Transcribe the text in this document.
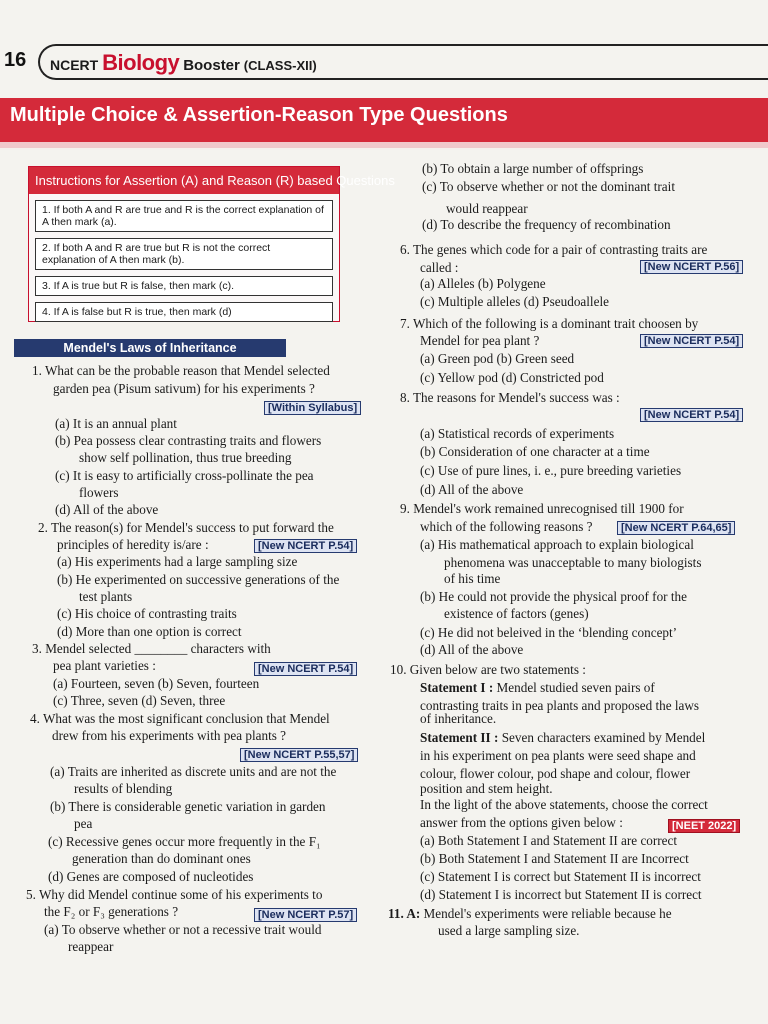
16	NCERT Biology Booster (CLASS-XII)
Multiple Choice & Assertion-Reason Type Questions
Instructions for Assertion (A) and Reason (R) based Questions
1. If both A and R are true and R is the correct explanation of A then mark (a).
2. If both A and R are true but R is not the correct explanation of A then mark (b).
3. If A is true but R is false, then mark (c).
4. If A is false but R is true, then mark (d)
Mendel's Laws of Inheritance
1. What can be the probable reason that Mendel selected
garden pea (Pisum sativum) for his experiments ?
[Within Syllabus]
(a) It is an annual plant
(b) Pea possess clear contrasting traits and flowers
show self pollination, thus true breeding
(c) It is easy to artificially cross-pollinate the pea
flowers
(d) All of the above
2. The reason(s) for Mendel's success to put forward the
principles of heredity is/are :	[New NCERT P.54]
(a) His experiments had a large sampling size
(b) He experimented on successive generations of the
test plants
(c) His choice of contrasting traits
(d) More than one option is correct
3. Mendel selected ________ characters with
pea plant varieties :	[New NCERT P.54]
(a) Fourteen, seven (b) Seven, fourteen
(c) Three, seven (d) Seven, three
4. What was the most significant conclusion that Mendel
drew from his experiments with pea plants ?
[New NCERT P.55,57]
(a) Traits are inherited as discrete units and are not the
results of blending
(b) There is considerable genetic variation in garden
pea
(c) Recessive genes occur more frequently in the F₁
generation than do dominant ones
(d) Genes are composed of nucleotides
5. Why did Mendel continue some of his experiments to
the F₂ or F₃ generations ?	[New NCERT P.57]
(a) To observe whether or not a recessive trait would
reappear
(b) To obtain a large number of offsprings
(c) To observe whether or not the dominant trait
would reappear
(d) To describe the frequency of recombination
6. The genes which code for a pair of contrasting traits are
called :	[New NCERT P.56]
(a) Alleles (b) Polygene
(c) Multiple alleles (d) Pseudoallele
7. Which of the following is a dominant trait choosen by
Mendel for pea plant ?	[New NCERT P.54]
(a) Green pod (b) Green seed
(c) Yellow pod (d) Constricted pod
8. The reasons for Mendel's success was :
[New NCERT P.54]
(a) Statistical records of experiments
(b) Consideration of one character at a time
(c) Use of pure lines, i. e., pure breeding varieties
(d) All of the above
9. Mendel's work remained unrecognised till 1900 for
which of the following reasons ?	[New NCERT P.64,65]
(a) His mathematical approach to explain biological
phenomena was unacceptable to many biologists
of his time
(b) He could not provide the physical proof for the
existence of factors (genes)
(c) He did not beleived in the ‘blending concept’
(d) All of the above
10. Given below are two statements :
Statement I : Mendel studied seven pairs of
contrasting traits in pea plants and proposed the laws
of inheritance.
Statement II : Seven characters examined by Mendel
in his experiment on pea plants were seed shape and
colour, flower colour, pod shape and colour, flower
position and stem height.
In the light of the above statements, choose the correct
answer from the options given below :	[NEET 2022]
(a) Both Statement I and Statement II are correct
(b) Both Statement I and Statement II are Incorrect
(c) Statement I is correct but Statement II is incorrect
(d) Statement I is incorrect but Statement II is correct
11. A: Mendel's experiments were reliable because he
used a large sampling size.
